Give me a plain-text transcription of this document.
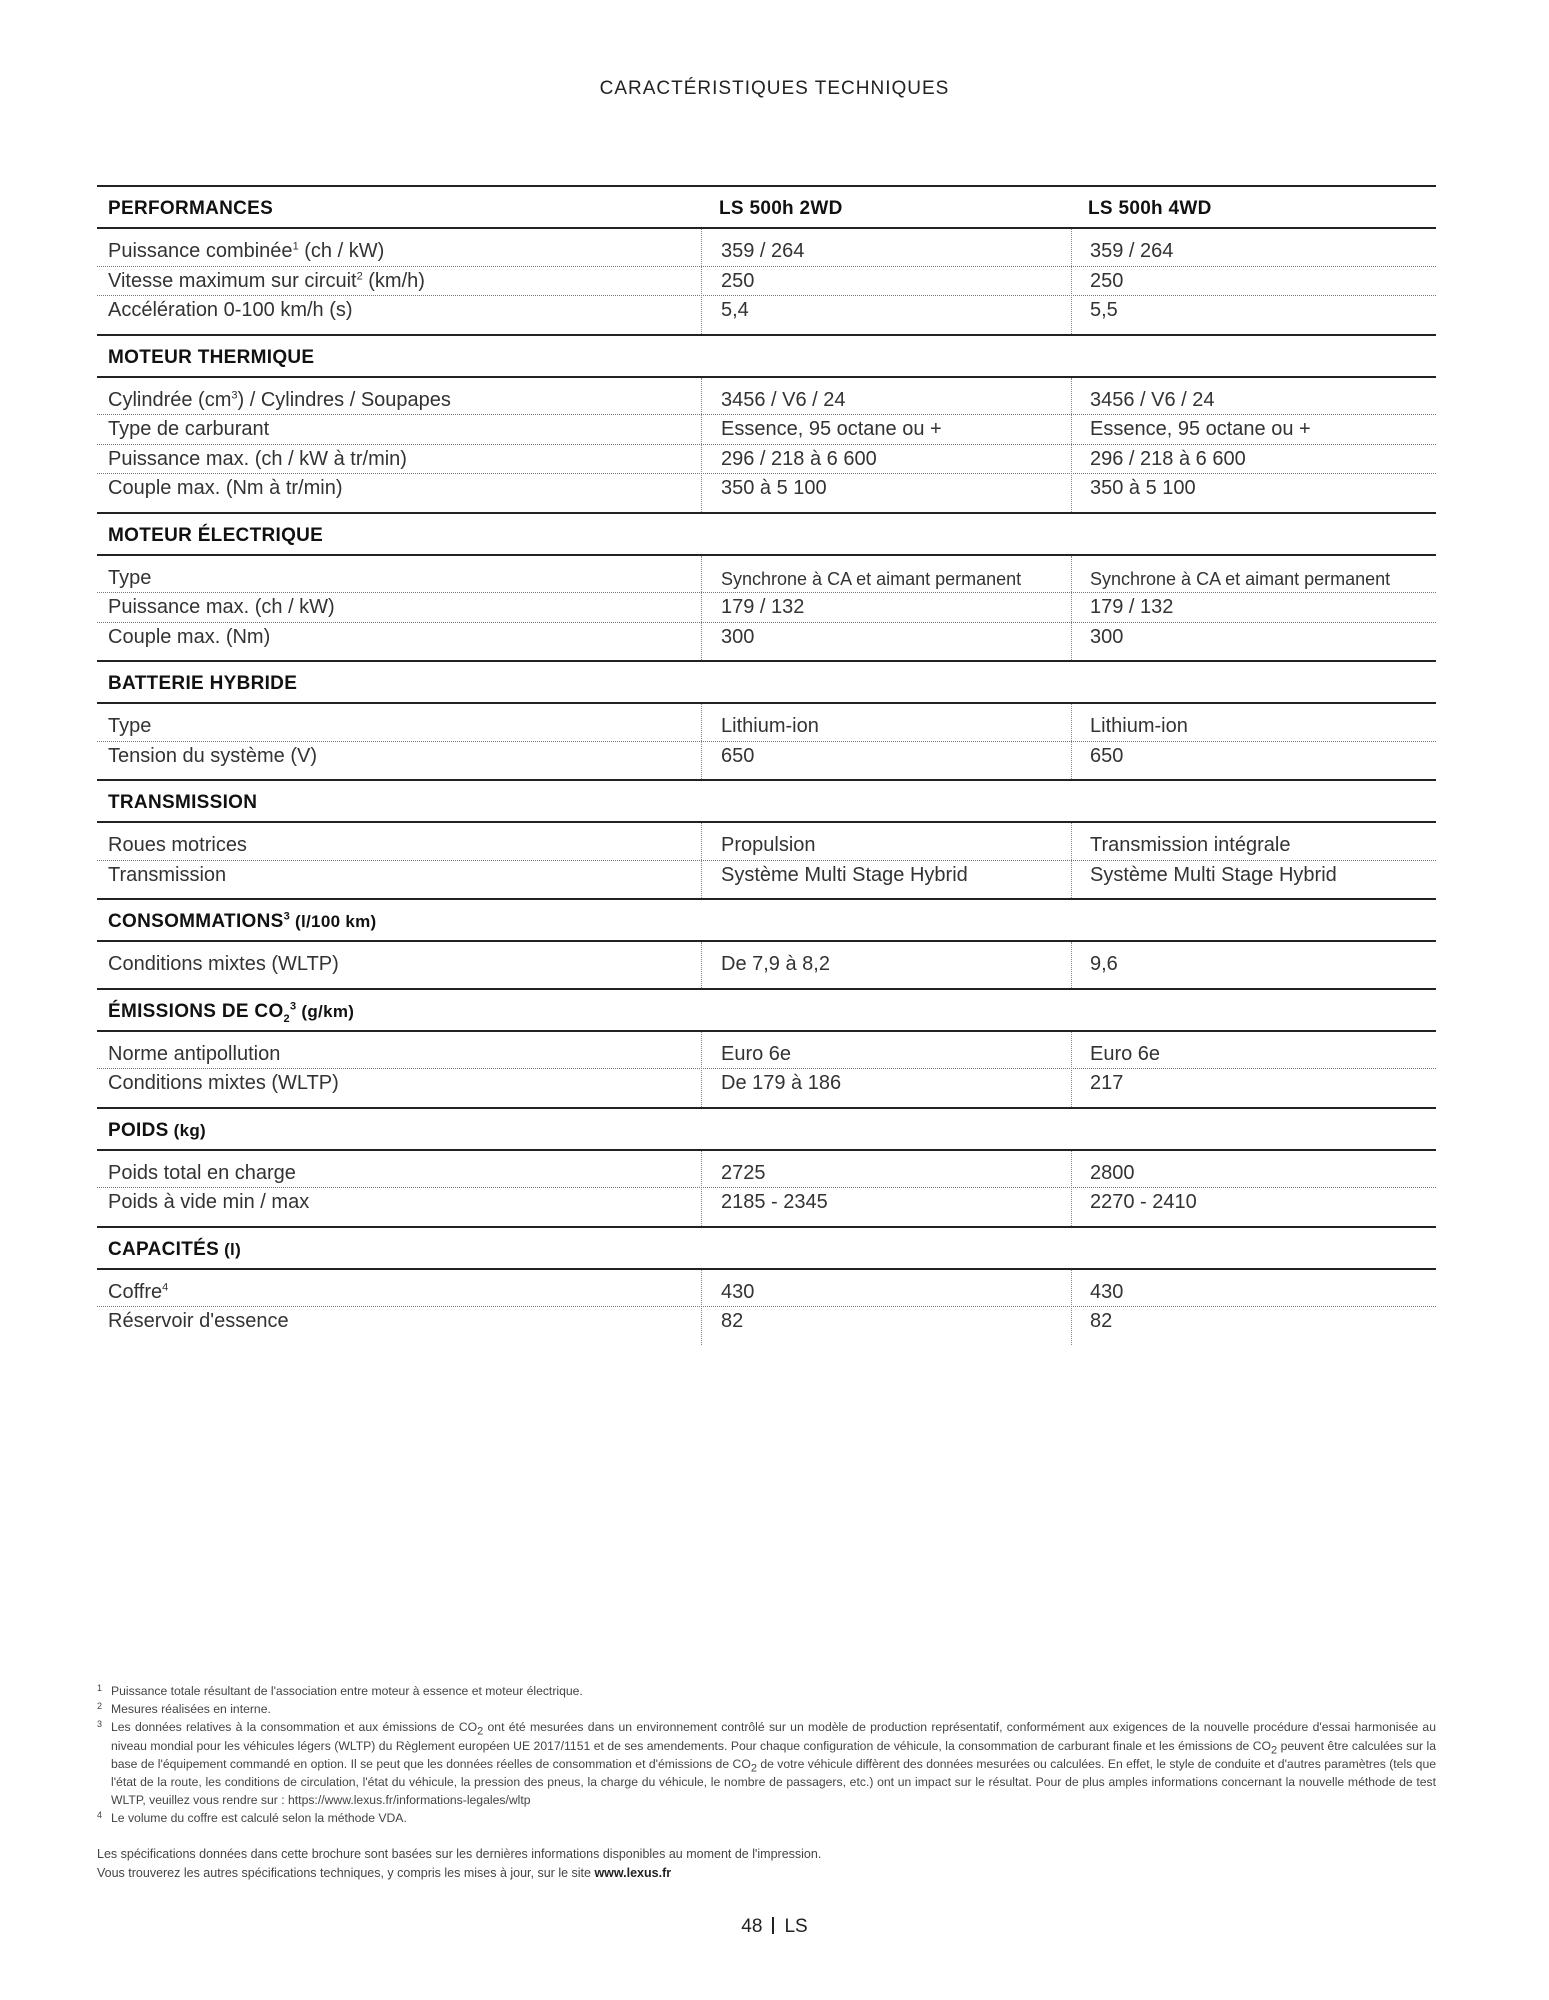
CARACTÉRISTIQUES TECHNIQUES
PERFORMANCES	LS 500h 2WD	LS 500h 4WD
Puissance combinée$^1$ (ch / kW)	359 / 264	359 / 264
Vitesse maximum sur circuit$^2$ (km/h)	250	250
Accélération 0-100 km/h (s)	5,4	5,5
MOTEUR THERMIQUE
Cylindrée $(cm^3)$ / Cylindres / Soupapes	3456 / V6 / 24	3456 / V6 / 24
Type de carburant	Essence, 95 octane ou +	Essence, 95 octane ou +
Puissance max. (ch / kW à tr/min)	296 / 218 à 6 600	296 / 218 à 6 600
Couple max. (Nm à tr/min)	350 à 5 100	350 à 5 100
MOTEUR ÉLECTRIQUE
Type	Synchrone à CA et aimant permanent	Synchrone à CA et aimant permanent
Puissance max. (ch / kW)	179 / 132	179 / 132
Couple max. (Nm)	300	300
BATTERIE HYBRIDE
Type	Lithium-ion	Lithium-ion
Tension du système (V)	650	650
TRANSMISSION
Roues motrices	Propulsion	Transmission intégrale
Transmission	Système Multi Stage Hybrid	Système Multi Stage Hybrid
CONSOMMATIONS$^3$ (l/100 km)
Conditions mixtes (WLTP)	De 7,9 à 8,2	9,6
ÉMISSIONS DE $CO_2^3$ (g/km)
Norme antipollution	Euro 6e	Euro 6e
Conditions mixtes (WLTP)	De 179 à 186	217
POIDS (kg)
Poids total en charge	2725	2800
Poids à vide min / max	2185 - 2345	2270 - 2410
CAPACITÉS (l)
Coffre$^4$	430	430
Réservoir d'essence	82	82
1 Puissance totale résultant de l'association entre moteur à essence et moteur électrique.
2 Mesures réalisées en interne.
3 Les données relatives à la consommation et aux émissions de CO2 ont été mesurées dans un environnement contrôlé sur un modèle de production représentatif, conformément aux exigences de la nouvelle procédure d'essai harmonisée au niveau mondial pour les véhicules légers (WLTP) du Règlement européen UE 2017/1151 et de ses amendements. Pour chaque configuration de véhicule, la consommation de carburant finale et les émissions de CO2 peuvent être calculées sur la base de l'équipement commandé en option. Il se peut que les données réelles de consommation et d'émissions de CO2 de votre véhicule diffèrent des données mesurées ou calculées. En effet, le style de conduite et d'autres paramètres (tels que l'état de la route, les conditions de circulation, l'état du véhicule, la pression des pneus, la charge du véhicule, le nombre de passagers, etc.) ont un impact sur le résultat. Pour de plus amples informations concernant la nouvelle méthode de test WLTP, veuillez vous rendre sur : https://www.lexus.fr/informations-legales/wltp
4 Le volume du coffre est calculé selon la méthode VDA.
Les spécifications données dans cette brochure sont basées sur les dernières informations disponibles au moment de l'impression.
Vous trouverez les autres spécifications techniques, y compris les mises à jour, sur le site www.lexus.fr
48 LS
